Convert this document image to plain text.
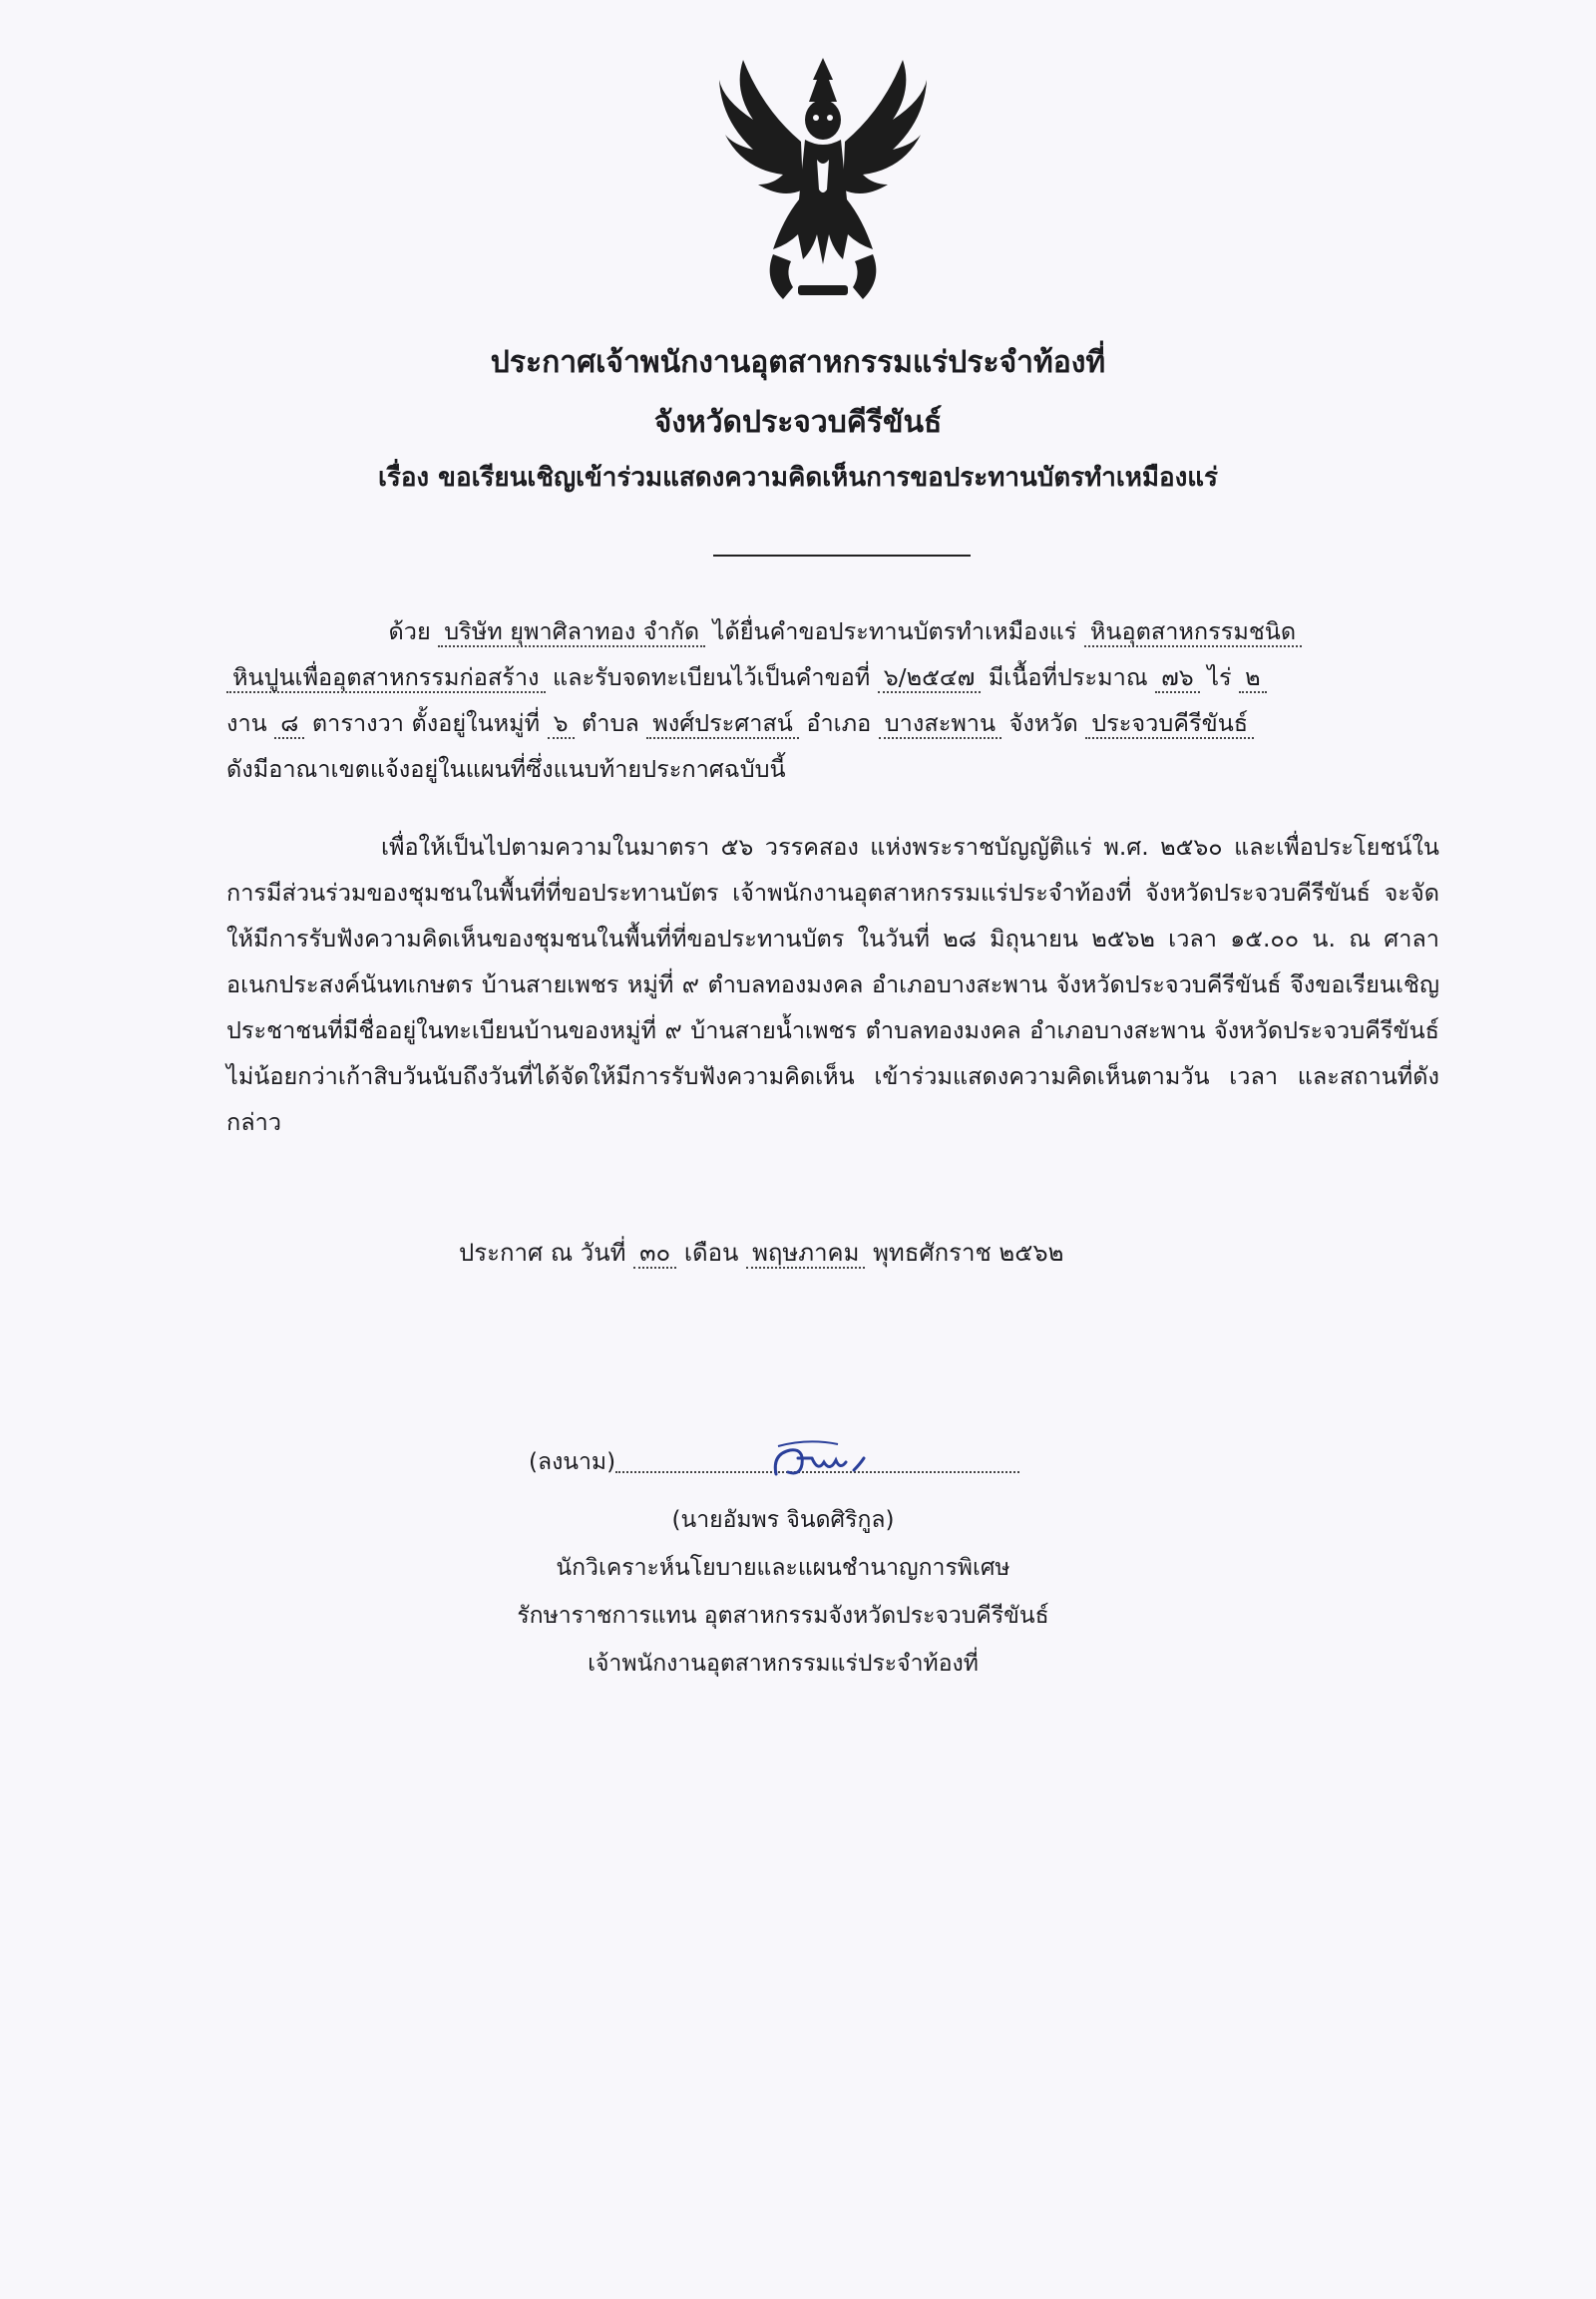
ประกาศเจ้าพนักงานอุตสาหกรรมแร่ประจำท้องที่
จังหวัดประจวบคีรีขันธ์
เรื่อง ขอเรียนเชิญเข้าร่วมแสดงความคิดเห็นการขอประทานบัตรทำเหมืองแร่
ด้วย บริษัท ยุพาศิลาทอง จำกัด ได้ยื่นคำขอประทานบัตรทำเหมืองแร่ หินอุตสาหกรรมชนิด
หินปูนเพื่ออุตสาหกรรมก่อสร้าง และรับจดทะเบียนไว้เป็นคำขอที่ ๖/๒๕๔๗ มีเนื้อที่ประมาณ ๗๖ ไร่ ๒
งาน ๘ ตารางวา ตั้งอยู่ในหมู่ที่ ๖ ตำบล พงศ์ประศาสน์ อำเภอ บางสะพาน จังหวัด ประจวบคีรีขันธ์
ดังมีอาณาเขตแจ้งอยู่ในแผนที่ซึ่งแนบท้ายประกาศฉบับนี้
เพื่อให้เป็นไปตามความในมาตรา ๕๖ วรรคสอง แห่งพระราชบัญญัติแร่ พ.ศ. ๒๕๖๐ และเพื่อประโยชน์ในการมีส่วนร่วมของชุมชนในพื้นที่ที่ขอประทานบัตร เจ้าพนักงานอุตสาหกรรมแร่ประจำท้องที่ จังหวัดประจวบคีรีขันธ์ จะจัดให้มีการรับฟังความคิดเห็นของชุมชนในพื้นที่ที่ขอประทานบัตร ในวันที่ ๒๘ มิถุนายน ๒๕๖๒ เวลา ๑๕.๐๐ น. ณ ศาลาอเนกประสงค์นันทเกษตร บ้านสายเพชร หมู่ที่ ๙ ตำบลทองมงคล อำเภอบางสะพาน จังหวัดประจวบคีรีขันธ์ จึงขอเรียนเชิญประชาชนที่มีชื่ออยู่ในทะเบียนบ้านของหมู่ที่ ๙ บ้านสายน้ำเพชร ตำบลทองมงคล อำเภอบางสะพาน จังหวัดประจวบคีรีขันธ์ ไม่น้อยกว่าเก้าสิบวันนับถึงวันที่ได้จัดให้มีการรับฟังความคิดเห็น เข้าร่วมแสดงความคิดเห็นตามวัน เวลา และสถานที่ดังกล่าว
ประกาศ ณ วันที่ ๓๐ เดือน พฤษภาคม พุทธศักราช ๒๕๖๒
(ลงนาม)
(นายอัมพร จินดศิริกูล)
นักวิเคราะห์นโยบายและแผนชำนาญการพิเศษ
รักษาราชการแทน อุตสาหกรรมจังหวัดประจวบคีรีขันธ์
เจ้าพนักงานอุตสาหกรรมแร่ประจำท้องที่
